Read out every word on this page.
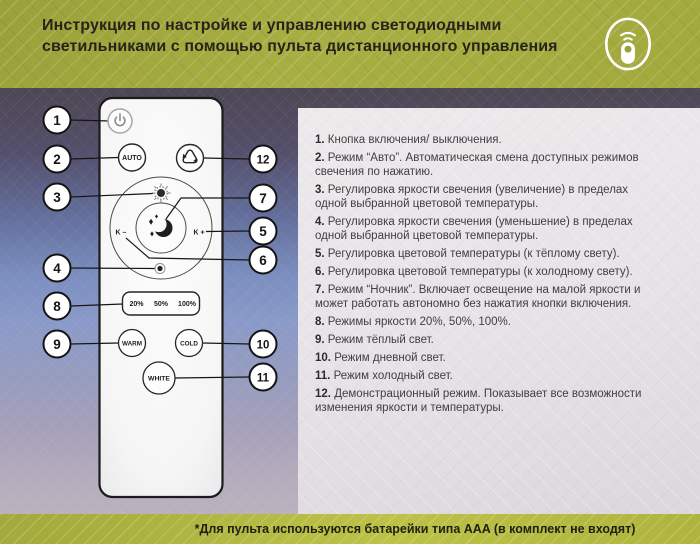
Инструкция по настройке и управлению светодиодными
светильниками с помощью пульта дистанционного управления
AUTO
K –	K +
20% 50% 100%
WARM	COLD
WHITE
1
2
3
4
8
9
12
7
5
6
10
11

1. Кнопка включения/ выключения.

2. Режим “Авто”. Автоматическая смена доступных режимов свечения по нажатию.

3. Регулировка яркости свечения (увеличение) в пределах одной выбранной цветовой температуры.

4. Регулировка яркости свечения (уменьшение) в пределах одной выбранной цветовой температуры.

5. Регулировка цветовой температуры (к тёплому свету).

6. Регулировка цветовой температуры (к холодному свету).

7. Режим “Ночник”. Включает освещение на малой яркости и может работать автономно без нажатия кнопки включения.

8. Режимы яркости 20%, 50%, 100%.

9. Режим тёплый свет.

10. Режим дневной свет.

11. Режим холодный свет.

12. Демонстрационный режим. Показывает все возможности изменения яркости и температуры.

*Для пульта используются батарейки типа AAA (в комплект не входят)
